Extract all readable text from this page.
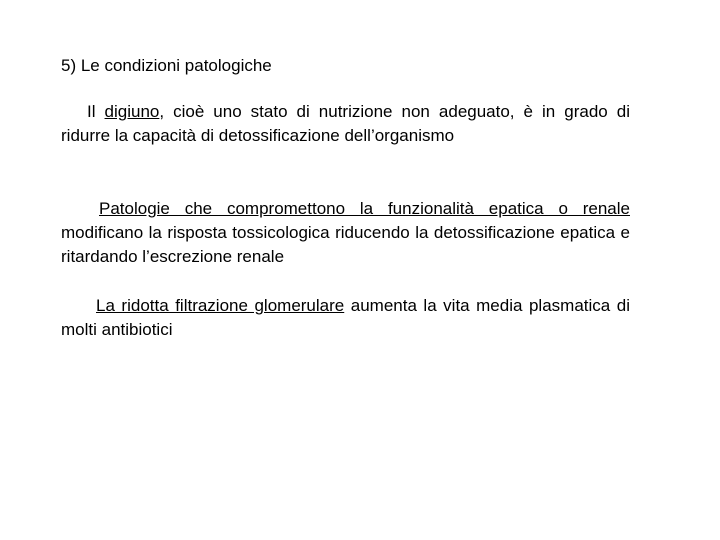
5) Le condizioni patologiche
Il digiuno, cioè uno stato di nutrizione non adeguato, è in grado di ridurre la capacità di detossificazione dell’organismo
Patologie che compromettono la funzionalità epatica o renale modificano la risposta tossicologica riducendo la detossificazione epatica e ritardando l’escrezione renale
La ridotta filtrazione glomerulare aumenta la vita media plasmatica di molti antibiotici
